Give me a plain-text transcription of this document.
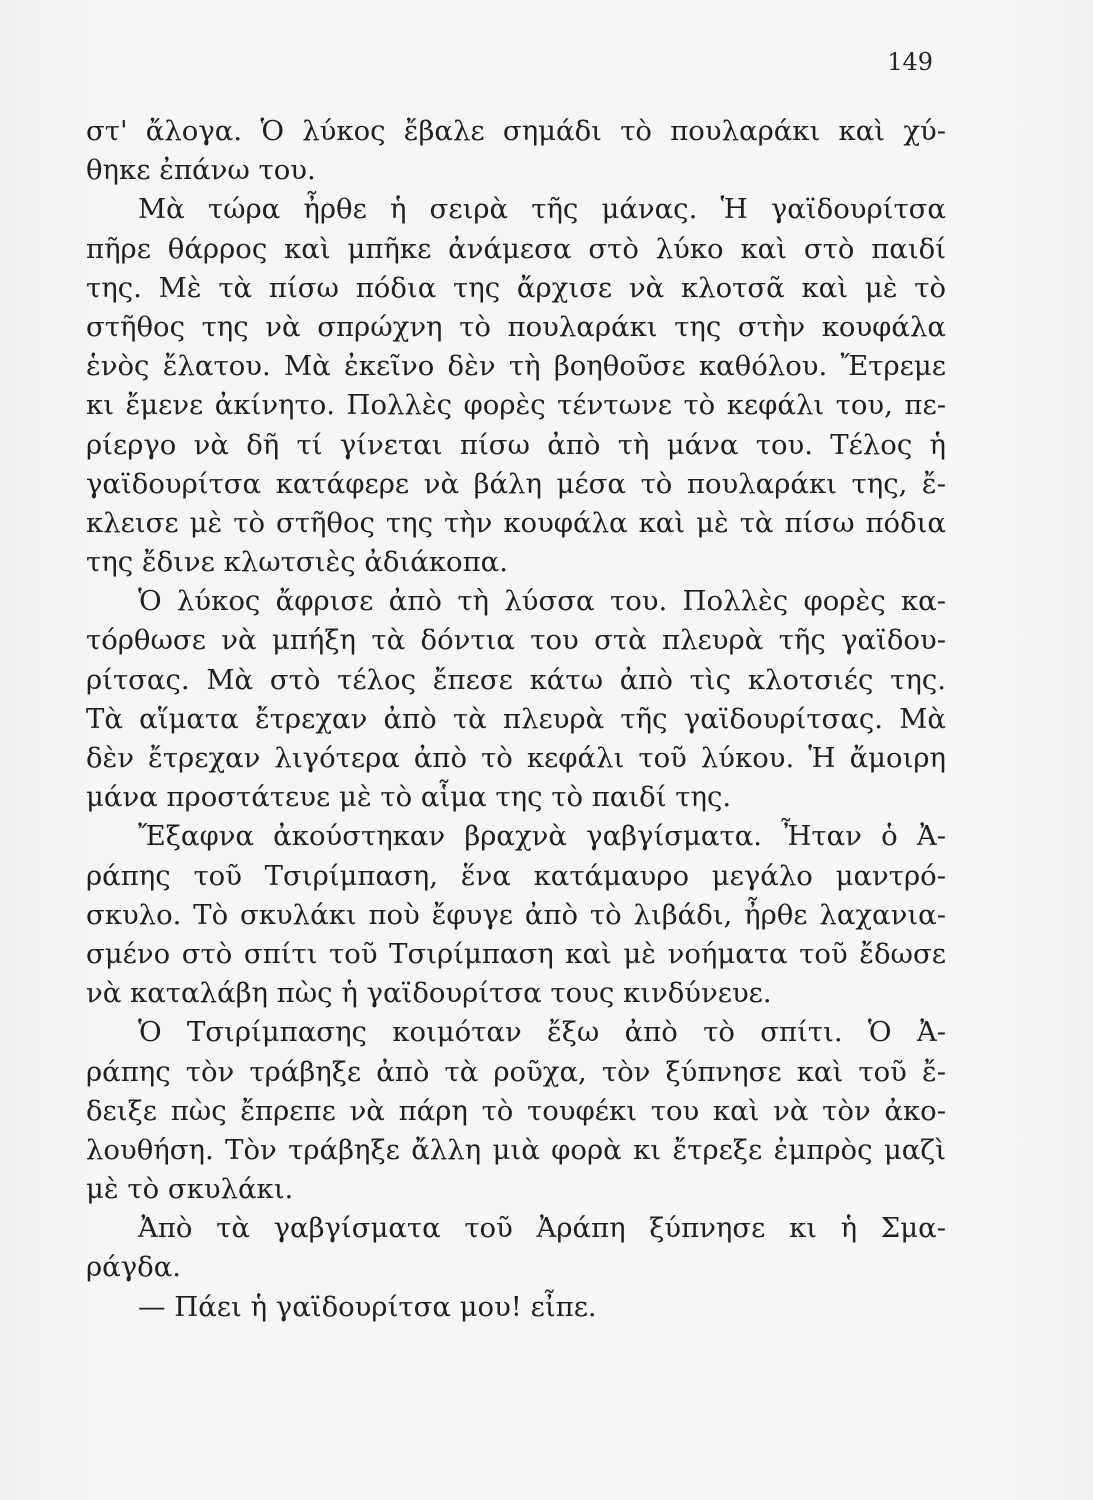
149
στ' ἄλογα. Ὁ λύκος ἔβαλε σημάδι τὸ πουλαράκι καὶ χύ-
θηκε ἐπάνω του.
Μὰ τώρα ἦρθε ἡ σειρὰ τῆς μάνας. Ἡ γαϊδουρίτσα
πῆρε θάρρος καὶ μπῆκε ἀνάμεσα στὸ λύκο καὶ στὸ παιδί
της. Μὲ τὰ πίσω πόδια της ἄρχισε νὰ κλοτσᾶ καὶ μὲ τὸ
στῆθος της νὰ σπρώχνη τὸ πουλαράκι της στὴν κουφάλα
ἑνὸς ἔλατου. Μὰ ἐκεῖνο δὲν τὴ βοηθοῦσε καθόλου. Ἔτρεμε
κι ἔμενε ἀκίνητο. Πολλὲς φορὲς τέντωνε τὸ κεφάλι του, πε-
ρίεργο νὰ δῆ τί γίνεται πίσω ἀπὸ τὴ μάνα του. Τέλος ἡ
γαϊδουρίτσα κατάφερε νὰ βάλη μέσα τὸ πουλαράκι της, ἔ-
κλεισε μὲ τὸ στῆθος της τὴν κουφάλα καὶ μὲ τὰ πίσω πόδια
της ἔδινε κλωτσιὲς ἀδιάκοπα.
Ὁ λύκος ἄφρισε ἀπὸ τὴ λύσσα του. Πολλὲς φορὲς κα-
τόρθωσε νὰ μπήξη τὰ δόντια του στὰ πλευρὰ τῆς γαϊδου-
ρίτσας. Μὰ στὸ τέλος ἔπεσε κάτω ἀπὸ τὶς κλοτσιές της.
Τὰ αἵματα ἔτρεχαν ἀπὸ τὰ πλευρὰ τῆς γαϊδουρίτσας. Μὰ
δὲν ἔτρεχαν λιγότερα ἀπὸ τὸ κεφάλι τοῦ λύκου. Ἡ ἄμοιρη
μάνα προστάτευε μὲ τὸ αἷμα της τὸ παιδί της.
Ἔξαφνα ἀκούστηκαν βραχνὰ γαβγίσματα. Ἦταν ὁ Ἀ-
ράπης τοῦ Τσιρίμπαση, ἕνα κατάμαυρο μεγάλο μαντρό-
σκυλο. Τὸ σκυλάκι ποὺ ἔφυγε ἀπὸ τὸ λιβάδι, ἦρθε λαχανια-
σμένο στὸ σπίτι τοῦ Τσιρίμπαση καὶ μὲ νοήματα τοῦ ἔδωσε
νὰ καταλάβη πὼς ἡ γαϊδουρίτσα τους κινδύνευε.
Ὁ Τσιρίμπασης κοιμόταν ἔξω ἀπὸ τὸ σπίτι. Ὁ Ἀ-
ράπης τὸν τράβηξε ἀπὸ τὰ ροῦχα, τὸν ξύπνησε καὶ τοῦ ἔ-
δειξε πὼς ἔπρεπε νὰ πάρη τὸ τουφέκι του καὶ νὰ τὸν ἀκο-
λουθήση. Τὸν τράβηξε ἄλλη μιὰ φορὰ κι ἔτρεξε ἐμπρὸς μαζὶ
μὲ τὸ σκυλάκι.
Ἀπὸ τὰ γαβγίσματα τοῦ Ἀράπη ξύπνησε κι ἡ Σμα-
ράγδα.
— Πάει ἡ γαϊδουρίτσα μου! εἶπε.
